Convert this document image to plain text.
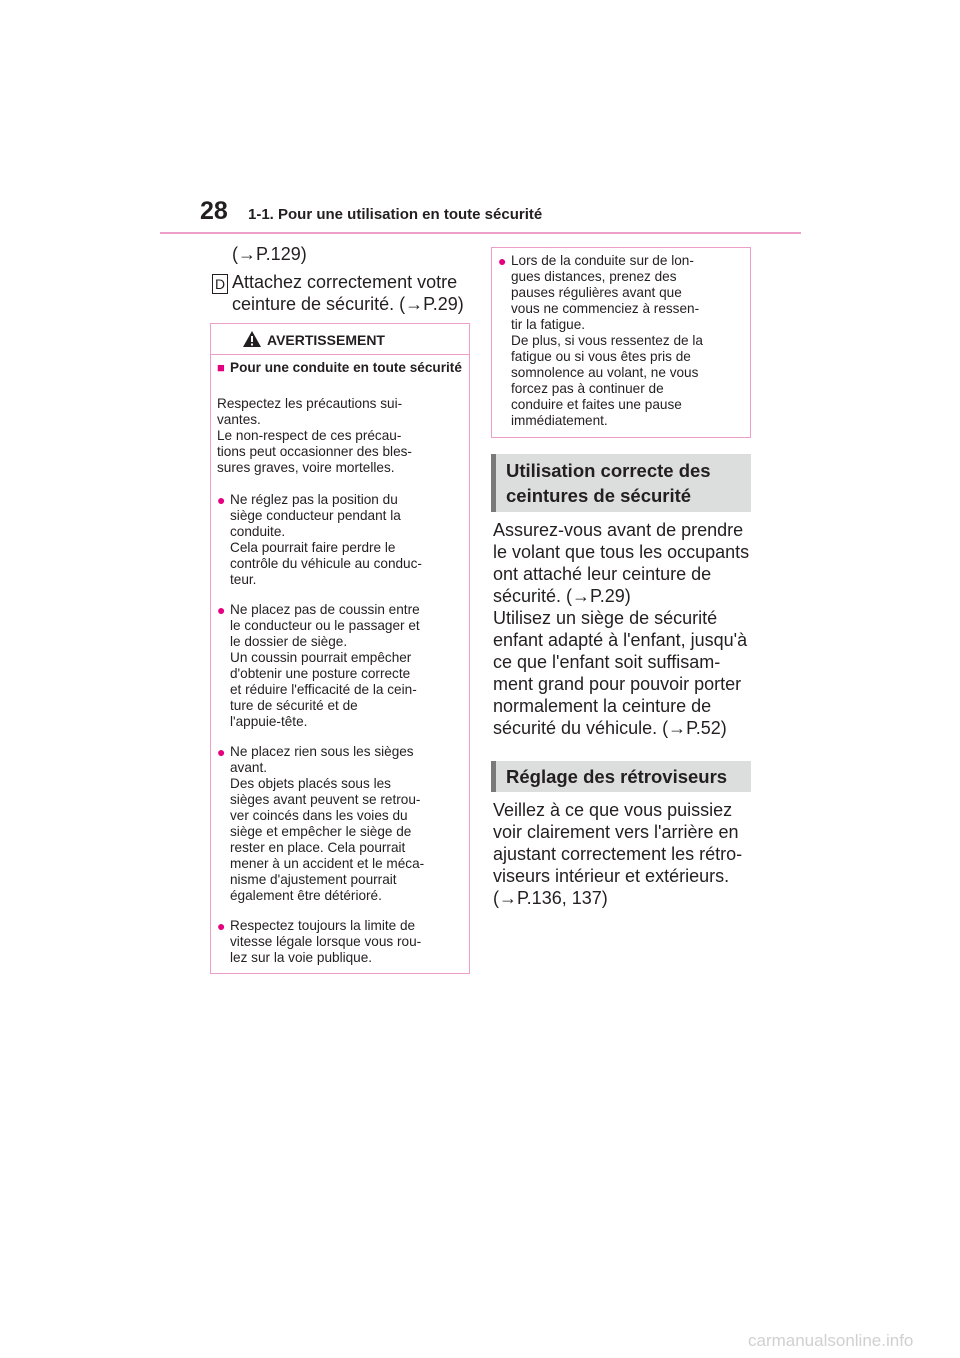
28 1-1. Pour une utilisation en toute sécurité
(→P.129)
D Attachez correctement votre ceinture de sécurité. (→P.29)
AVERTISSEMENT
■ Pour une conduite en toute sécurité
Respectez les précautions sui-
vantes.
Le non-respect de ces précau-
tions peut occasionner des bles-
sures graves, voire mortelles.
● Ne réglez pas la position du
siège conducteur pendant la
conduite.
Cela pourrait faire perdre le
contrôle du véhicule au conduc-
teur.
● Ne placez pas de coussin entre
le conducteur ou le passager et
le dossier de siège.
Un coussin pourrait empêcher
d'obtenir une posture correcte
et réduire l'efficacité de la cein-
ture de sécurité et de
l'appuie-tête.
● Ne placez rien sous les sièges
avant.
Des objets placés sous les
sièges avant peuvent se retrou-
ver coincés dans les voies du
siège et empêcher le siège de
rester en place. Cela pourrait
mener à un accident et le méca-
nisme d'ajustement pourrait
également être détérioré.
● Respectez toujours la limite de
vitesse légale lorsque vous rou-
lez sur la voie publique.
● Lors de la conduite sur de lon-
gues distances, prenez des
pauses régulières avant que
vous ne commenciez à ressen-
tir la fatigue.
De plus, si vous ressentez de la
fatigue ou si vous êtes pris de
somnolence au volant, ne vous
forcez pas à continuer de
conduire et faites une pause
immédiatement.
Utilisation correcte des ceintures de sécurité
Assurez-vous avant de prendre
le volant que tous les occupants
ont attaché leur ceinture de
sécurité. (→P.29)
Utilisez un siège de sécurité
enfant adapté à l'enfant, jusqu'à
ce que l'enfant soit suffisam-
ment grand pour pouvoir porter
normalement la ceinture de
sécurité du véhicule. (→P.52)
Réglage des rétroviseurs
Veillez à ce que vous puissiez
voir clairement vers l'arrière en
ajustant correctement les rétro-
viseurs intérieur et extérieurs.
(→P.136, 137)
carmanualsonline.info
